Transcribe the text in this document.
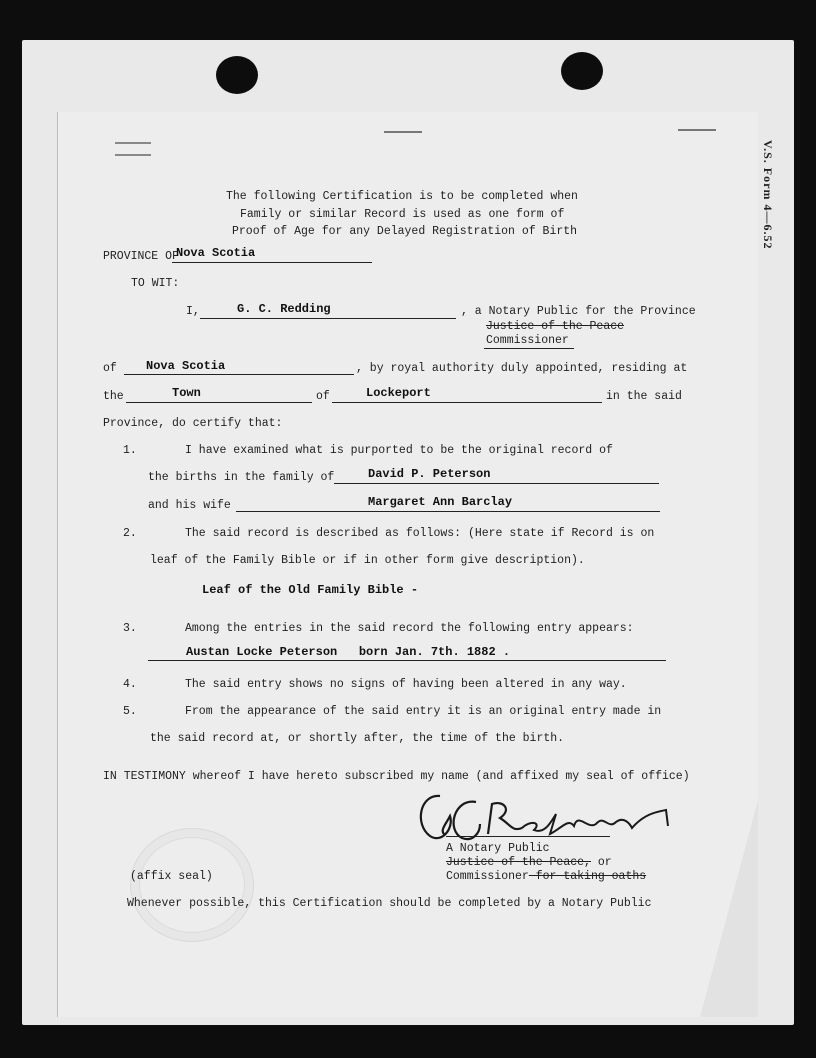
V.S. Form 4—6.52
The following Certification is to be completed when
Family or similar Record is used as one form of
Proof of Age for any Delayed Registration of Birth
PROVINCE OF
Nova Scotia
TO WIT:
I,	G. C. Redding	, a Notary Public for the Province
Justice of the Peace
Commissioner
of Nova Scotia	, by royal authority duly appointed, residing at
the	Town	of	Lockeport	in the said
Province, do certify that:
1.	I have examined what is purported to be the original record of
the births in the family of	David P. Peterson
and his wife	Margaret Ann Barclay
2.	The said record is described as follows: (Here state if Record is on
leaf of the Family Bible or if in other form give description).
Leaf of the Old Family Bible -
3.	Among the entries in the said record the following entry appears:
Austan Locke Peterson   born Jan. 7th. 1882 .
4.	The said entry shows no signs of having been altered in any way.
5.	From the appearance of the said entry it is an original entry made in
the said record at, or shortly after, the time of the birth.
IN TESTIMONY whereof I have hereto subscribed my name (and affixed my seal of office)
A Notary Public
Justice of the Peace, or
Commissioner for taking oaths
(affix seal)
Whenever possible, this Certification should be completed by a Notary Public
